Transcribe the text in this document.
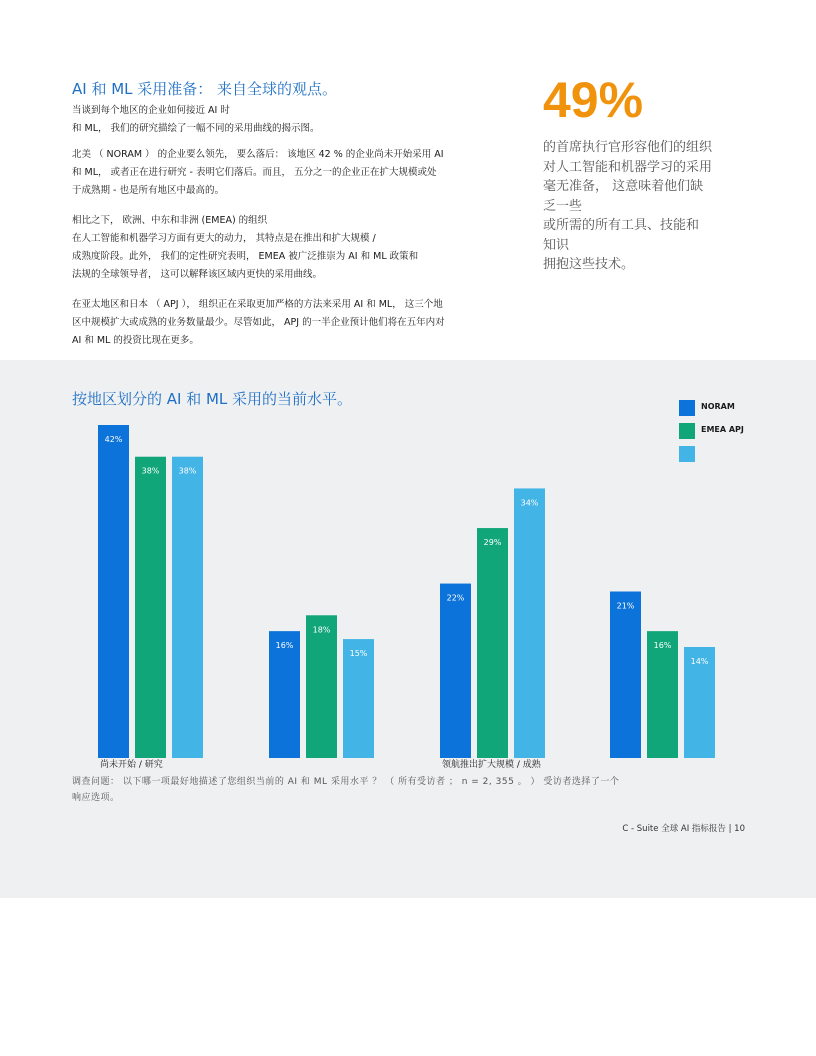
AI 和 ML 采用准备： 来自全球的观点。

当谈到每个地区的企业如何接近 AI 时
和 ML， 我们的研究描绘了一幅不同的采用曲线的揭示图。

北美 （ NORAM ） 的企业要么领先， 要么落后： 该地区 42 % 的企业尚未开始采用 AI
和 ML， 或者正在进行研究 - 表明它们落后。而且， 五分之一的企业正在扩大规模或处
于成熟期 - 也是所有地区中最高的。

相比之下， 欧洲、中东和非洲 (EMEA) 的组织
在人工智能和机器学习方面有更大的动力， 其特点是在推出和扩大规模 /
成熟度阶段。此外， 我们的定性研究表明， EMEA 被广泛推崇为 AI 和 ML 政策和
法规的全球领导者， 这可以解释该区域内更快的采用曲线。

在亚太地区和日本 （ APJ ）， 组织正在采取更加严格的方法来采用 AI 和 ML， 这三个地
区中规模扩大或成熟的业务数量最少。尽管如此， APJ 的一半企业预计他们将在五年内对
AI 和 ML 的投资比现在更多。

49%
的首席执行官形容他们的组织
对人工智能和机器学习的采用
毫无准备， 这意味着他们缺
乏一些
或所需的所有工具、技能和
知识
拥抱这些技术。
42%
16%
22%
21%
38%
18%
29%
16%
38%
15%
34%
14%
尚未开始 / 研究	领航推出扩大规模 / 成熟
按地区划分的 AI 和 ML 采用的当前水平。	NORAM
EMEA APJ
调查问题： 以下哪一项最好地描述了您组织当前的 AI 和 ML 采用水平 ？ （ 所有受访者 ； n = 2, 355 。 ） 受访者选择了一个
响应选项。
C - Suite 全球 AI 指标报告 | 10
